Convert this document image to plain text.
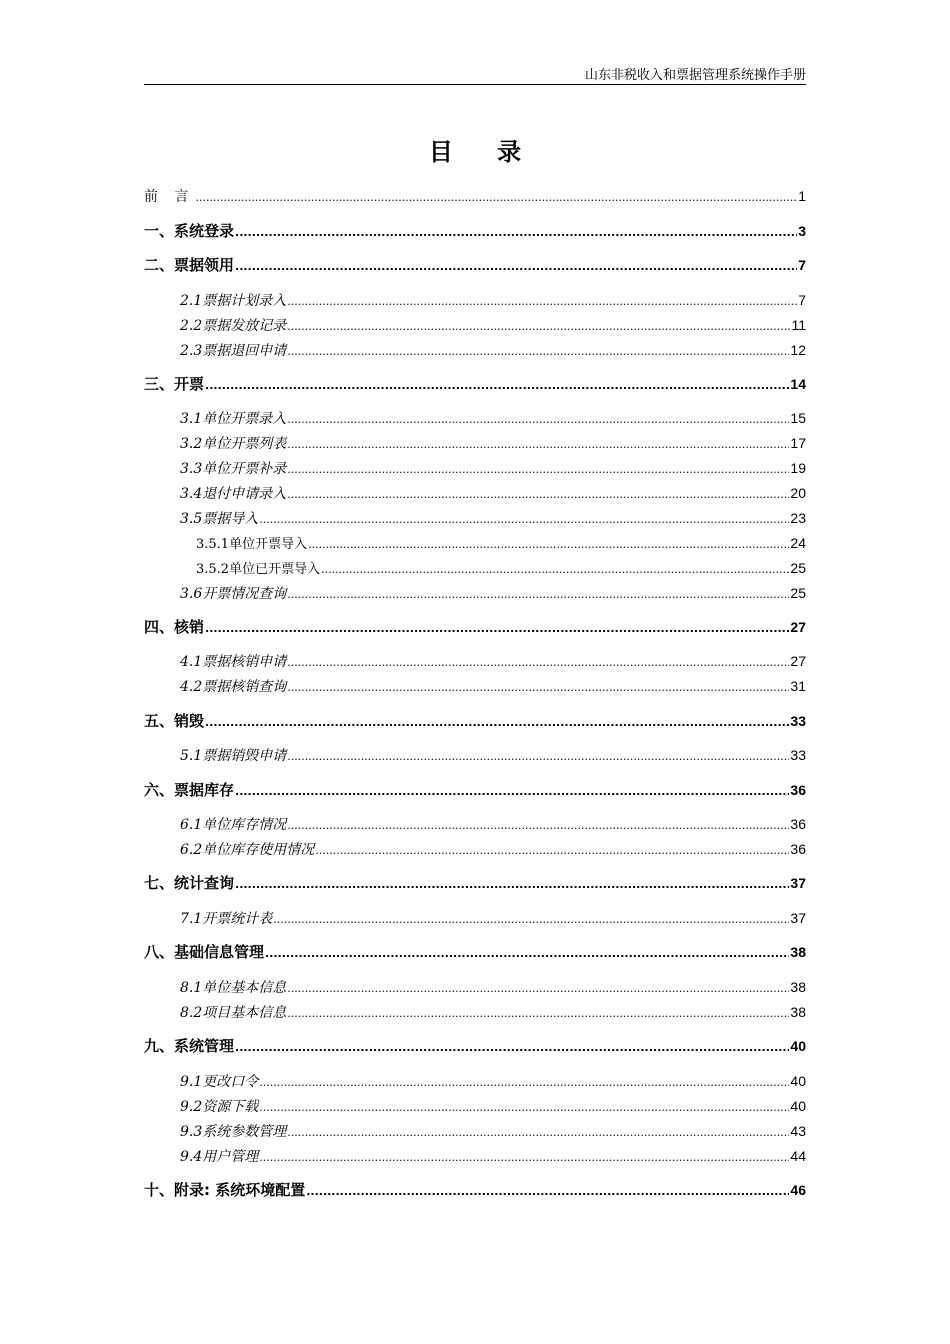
山东非税收入和票据管理系统操作手册
目 录
前 言 .....	1
一、系统登录 .....	3
二、票据领用 .....	7
2.1票据计划录入 .....	7
2.2票据发放记录 .....	11
2.3票据退回申请 .....	12
三、开票 .....	14
3.1单位开票录入 .....	15
3.2单位开票列表 .....	17
3.3单位开票补录 .....	19
3.4退付申请录入 .....	20
3.5票据导入 .....	23
3.5.1单位开票导入 .....	24
3.5.2单位已开票导入 .....	25
3.6开票情况查询 .....	25
四、核销 .....	27
4.1票据核销申请 .....	27
4.2票据核销查询 .....	31
五、销毁 .....	33
5.1票据销毁申请 .....	33
六、票据库存 .....	36
6.1单位库存情况 .....	36
6.2单位库存使用情况 .....	36
七、统计查询 .....	37
7.1开票统计表 .....	37
八、基础信息管理 .....	38
8.1单位基本信息 .....	38
8.2项目基本信息 .....	38
九、系统管理 .....	40
9.1更改口令 .....	40
9.2资源下载 .....	40
9.3系统参数管理 .....	43
9.4用户管理 .....	44
十、附录: 系统环境配置 .....	46
